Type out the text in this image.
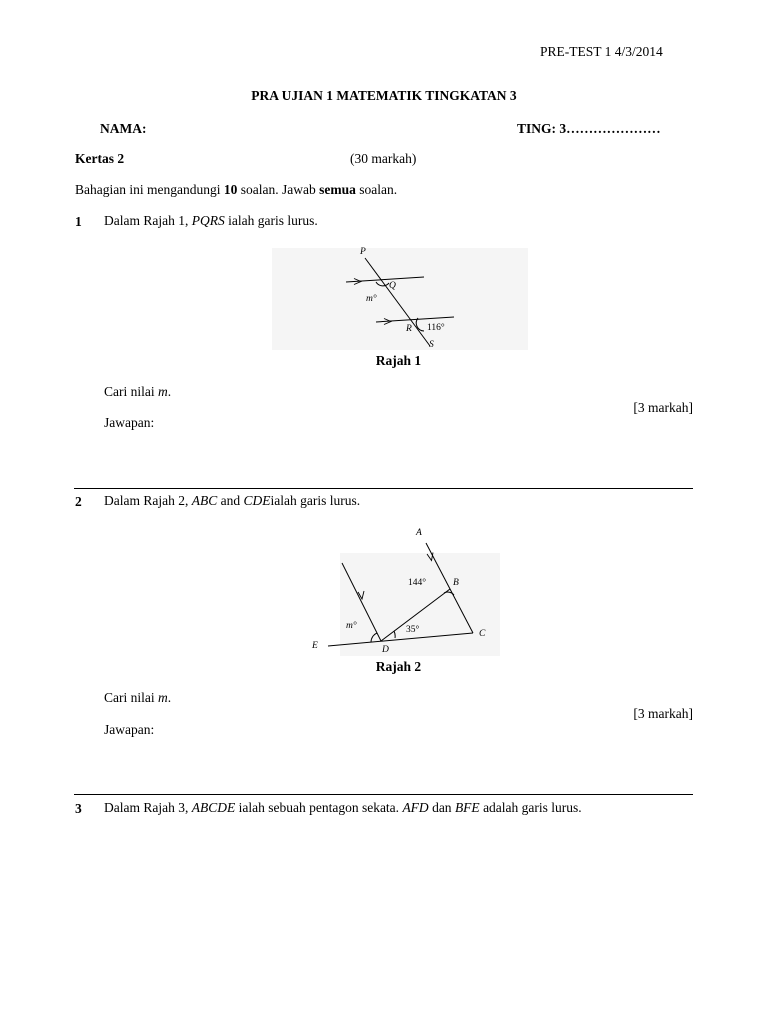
PRE-TEST 1 4/3/2014
PRA UJIAN 1 MATEMATIK TINGKATAN 3
NAMA:	TING: 3…………………
Kertas 2	(30 markah)
Bahagian ini mengandungi 10 soalan. Jawab semua soalan.
1 Dalam Rajah 1, PQRS ialah garis lurus.
P
Q
m°
R 116°
S
Rajah 1
Cari nilai m.
[3 markah]
Jawapan:
2 Dalam Rajah 2, ABC and CDEialah garis lurus.
A
144°	B
m°	35°	C
E	D
Rajah 2
Cari nilai m.
[3 markah]
Jawapan:
3 Dalam Rajah 3, ABCDE ialah sebuah pentagon sekata. AFD dan BFE adalah garis lurus.
